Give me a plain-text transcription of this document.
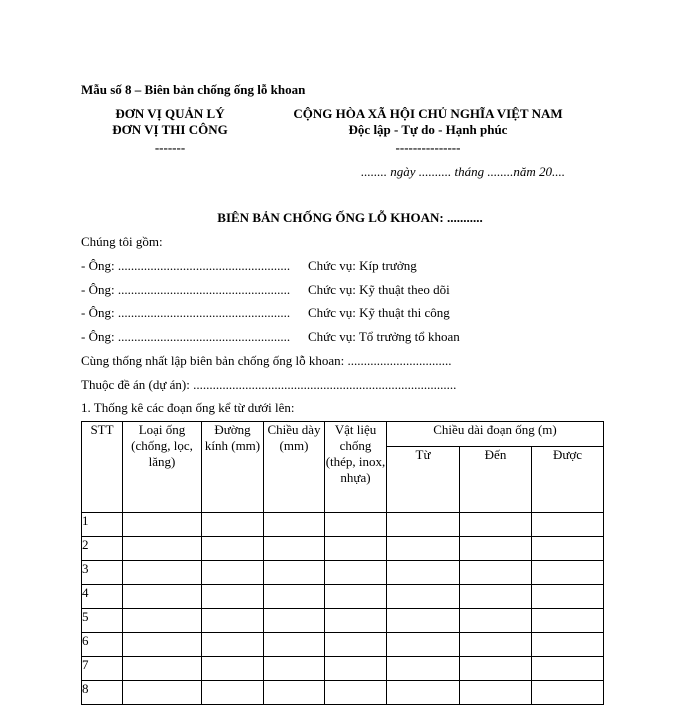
Mẫu số 8 – Biên bản chống ống lỗ khoan
ĐƠN VỊ QUẢN LÝ
ĐƠN VỊ THI CÔNG
-------
CỘNG HÒA XÃ HỘI CHỦ NGHĨA VIỆT NAM
Độc lập - Tự do - Hạnh phúc
---------------
........ ngày .......... tháng ........năm 20....
BIÊN BẢN CHỐNG ỐNG LỖ KHOAN: ...........
Chúng tôi gồm:
- Ông: ..................................................... Chức vụ: Kíp trưởng
- Ông: ..................................................... Chức vụ: Kỹ thuật theo dõi
- Ông: ..................................................... Chức vụ: Kỹ thuật thi công
- Ông: ..................................................... Chức vụ: Tổ trưởng tổ khoan
Cùng thống nhất lập biên bản chống ống lỗ khoan: ................................
Thuộc đề án (dự án): .................................................................................
1. Thống kê các đoạn ống kể từ dưới lên:
STT	Loại ống (chống, lọc, lăng)	Đường kính (mm)	Chiều dày (mm)	Vật liệu chống (thép, inox, nhựa)	Chiều dài đoạn ống (m)		
					Từ	Đến	Được
1							
2							
3							
4							
5							
6							
7							
8							
